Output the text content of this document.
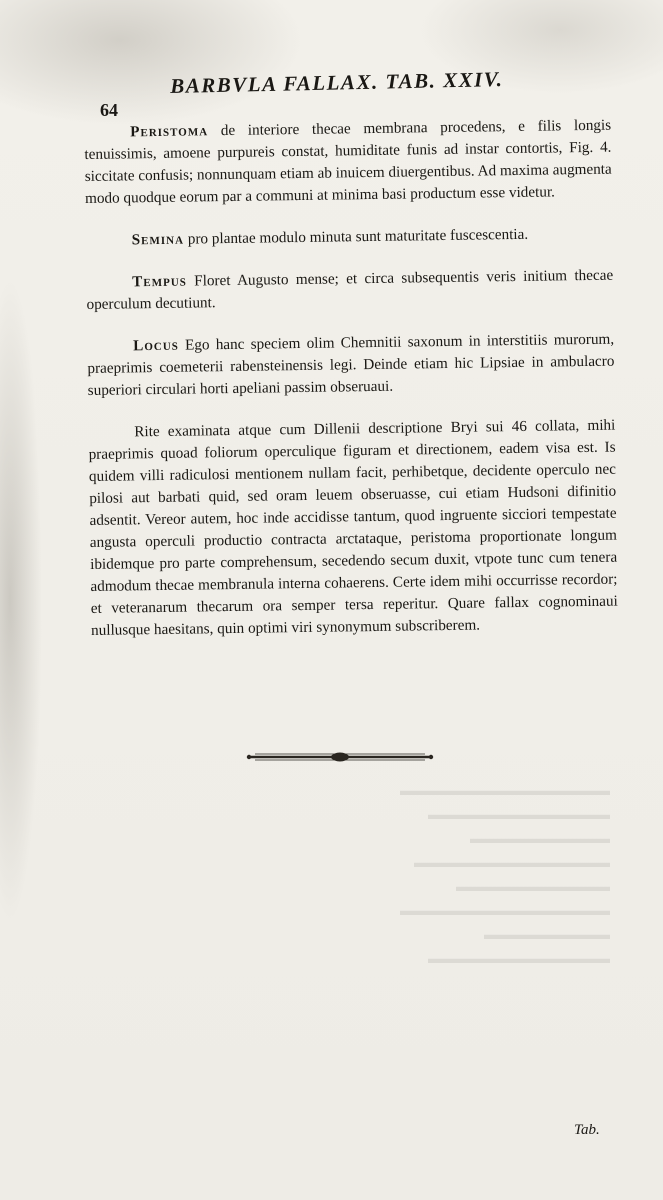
64
BARBVLA FALLAX. TAB. XXIV.

Peristoma de interiore thecae membrana procedens, e filis longis tenuissimis, amoene purpureis constat, humiditate funis ad instar contortis, Fig. 4. siccitate confusis; nonnunquam etiam ab inuicem diuergentibus. Ad maxima augmenta modo quodque eorum par a communi at minima basi productum esse videtur.

Semina pro plantae modulo minuta sunt maturitate fuscescentia.

Tempus Floret Augusto mense; et circa subsequentis veris initium thecae operculum decutiunt.

Locus Ego hanc speciem olim Chemnitii saxonum in interstitiis murorum, praeprimis coemeterii rabensteinensis legi. Deinde etiam hic Lipsiae in ambulacro superiori circulari horti apeliani passim obseruaui.

Rite examinata atque cum Dillenii descriptione Bryi sui 46 collata, mihi praeprimis quoad foliorum operculique figuram et directionem, eadem visa est. Is quidem villi radiculosi mentionem nullam facit, perhibetque, decidente operculo nec pilosi aut barbati quid, sed oram leuem obseruasse, cui etiam Hudsoni difinitio adsentit. Vereor autem, hoc inde accidisse tantum, quod ingruente sicciori tempestate angusta operculi productio contracta arctataque, peristoma proportionate longum ibidemque pro parte comprehensum, secedendo secum duxit, vtpote tunc cum tenera admodum thecae membranula interna cohaerens. Certe idem mihi occurrisse recordor; et veteranarum thecarum ora semper tersa reperitur. Quare fallax cognominaui nullusque haesitans, quin optimi viri synonymum subscriberem.

▬▬▬▬▬▬▬▬▬▬▬▬▬▬▬
▬▬▬▬▬▬▬▬▬▬▬▬▬
▬▬▬▬▬▬▬▬▬▬
▬▬▬▬▬▬▬▬▬▬▬▬▬▬
▬▬▬▬▬▬▬▬▬▬▬
▬▬▬▬▬▬▬▬▬▬▬▬▬▬▬
▬▬▬▬▬▬▬▬▬
▬▬▬▬▬▬▬▬▬▬▬▬▬
Tab.
